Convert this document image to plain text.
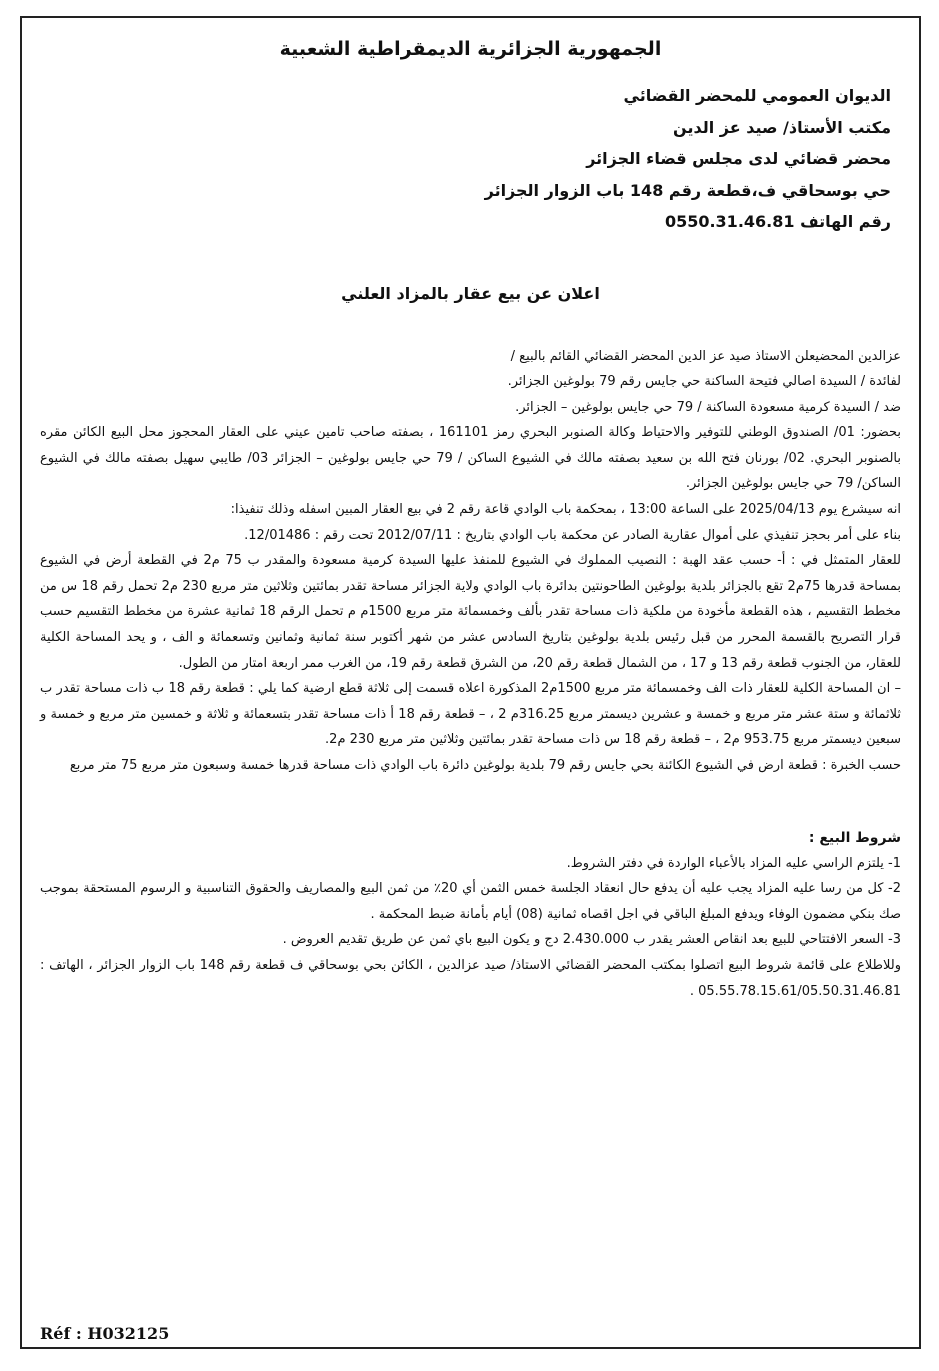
الجمهورية الجزائرية الديمقراطية الشعبية
الديوان العمومي للمحضر القضائي
مكتب الأستاذ/ صيد عز الدين
محضر قضائي لدى مجلس قضاء الجزائر
حي بوسحاقي ف،قطعة رقم 148 باب الزوار الجزائر
رقم الهاتف 0550.31.46.81
اعلان عن بيع عقار بالمزاد العلني

عزالدين المحضيعلن الاستاذ صيد عز الدين المحضر القضائي القائم بالبيع /

لفائدة / السيدة اصالي فتيحة الساكنة حي جايس رقم 79 بولوغين الجزائر.

ضد / السيدة كرمية مسعودة الساكنة / 79 حي جايس بولوغين – الجزائر.

بحضور: 01/ الصندوق الوطني للتوفير والاحتياط وكالة الصنوبر البحري رمز 161101 ، بصفته صاحب تامين عيني على العقار المحجوز محل البيع الكائن مقره بالصنوبر البحري. 02/ بورنان فتح الله بن سعيد بصفته مالك في الشيوع الساكن / 79 حي جايس بولوغين – الجزائر 03/ طايبي سهيل بصفته مالك في الشيوع الساكن/ 79 حي جايس بولوغين الجزائر.

انه سيشرع يوم 2025/04/13 على الساعة 13:00 ، بمحكمة باب الوادي قاعة رقم 2 في بيع العقار المبين اسفله وذلك تنفيذا:

بناء على أمر بحجز تنفيذي على أموال عقارية الصادر عن محكمة باب الوادي بتاريخ : 2012/07/11 تحت رقم : 12/01486.

للعقار المتمثل في : أ- حسب عقد الهبة : النصيب المملوك في الشيوع للمنفذ عليها السيدة كرمية مسعودة والمقدر ب 75 م2 في القطعة أرض في الشيوع بمساحة قدرها 75م2 تقع بالجزائر بلدية بولوغين الطاحونتين بدائرة باب الوادي ولاية الجزائر مساحة تقدر بمائتين وثلاثين متر مربع 230 م2 تحمل رقم 18 س من مخطط التقسيم ، هذه القطعة مأخودة من ملكية ذات مساحة تقدر بألف وخمسمائة متر مربع 1500م م تحمل الرقم 18 ثمانية عشرة من مخطط التقسيم حسب قرار التصريح بالقسمة المحرر من قبل رئيس بلدية بولوغين بتاريخ السادس عشر من شهر أكتوبر سنة ثمانية وثمانين وتسعمائة و الف ، و يحد المساحة الكلية للعقار، من الجنوب قطعة رقم 13 و 17 ، من الشمال قطعة رقم 20، من الشرق قطعة رقم 19، من الغرب ممر اربعة امتار من الطول.

– ان المساحة الكلية للعقار ذات الف وخمسمائة متر مربع 1500م2 المذكورة اعلاه قسمت إلى ثلاثة قطع ارضية كما يلي : قطعة رقم 18 ب ذات مساحة تقدر ب ثلاثمائة و ستة عشر متر مربع و خمسة و عشرين ديسمتر مربع 316.25م 2 ، – قطعة رقم 18 أ ذات مساحة تقدر بتسعمائة و ثلاثة و خمسين متر مربع و خمسة و سبعين ديسمتر مربع 953.75 م2 ، – قطعة رقم 18 س ذات مساحة تقدر بمائتين وثلاثين متر مربع 230 م2.

حسب الخبرة : قطعة ارض في الشيوع الكائنة بحي جايس رقم 79 بلدية بولوغين دائرة باب الوادي ذات مساحة قدرها خمسة وسبعون متر مربع 75 متر مربع

شروط البيع :

1- يلتزم الراسي عليه المزاد بالأعباء الواردة في دفتر الشروط.

2- كل من رسا عليه المزاد يجب عليه أن يدفع حال انعقاد الجلسة خمس الثمن أي 20٪ من ثمن البيع والمصاريف والحقوق التناسبية و الرسوم المستحقة بموجب صك بنكي مضمون الوفاء ويدفع المبلغ الباقي في اجل اقصاه ثمانية (08) أيام بأمانة ضبط المحكمة .

3- السعر الافتتاحي للبيع بعد انقاص العشر يقدر ب 2.430.000 دج و يكون البيع باي ثمن عن طريق تقديم العروض .

وللاطلاع على قائمة شروط البيع اتصلوا بمكتب المحضر القضائي الاستاذ/ صيد عزالدين ، الكائن بحي بوسحاقي ف قطعة رقم 148 باب الزوار الجزائر ، الهاتف : 05.55.78.15.61/05.50.31.46.81 .

Réf : H032125
